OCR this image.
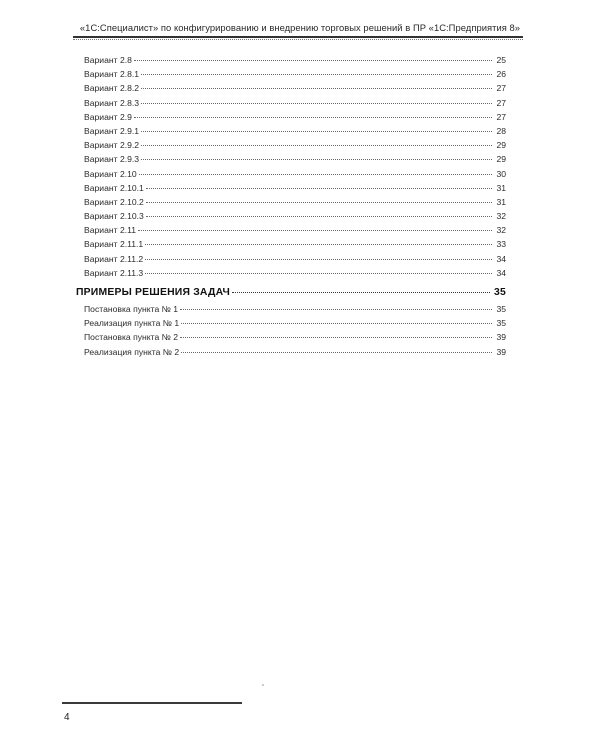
«1С:Специалист» по конфигурированию и внедрению торговых решений в ПР «1С:Предприятия 8»
Вариант 2.8	25
Вариант 2.8.1	26
Вариант 2.8.2	27
Вариант 2.8.3	27
Вариант 2.9	27
Вариант 2.9.1	28
Вариант 2.9.2	29
Вариант 2.9.3	29
Вариант 2.10	30
Вариант 2.10.1	31
Вариант 2.10.2	31
Вариант 2.10.3	32
Вариант 2.11	32
Вариант 2.11.1	33
Вариант 2.11.2	34
Вариант 2.11.3	34
ПРИМЕРЫ РЕШЕНИЯ ЗАДАЧ	35
Постановка пункта № 1	35
Реализация пункта № 1	35
Постановка пункта № 2	39
Реализация пункта № 2	39
4
